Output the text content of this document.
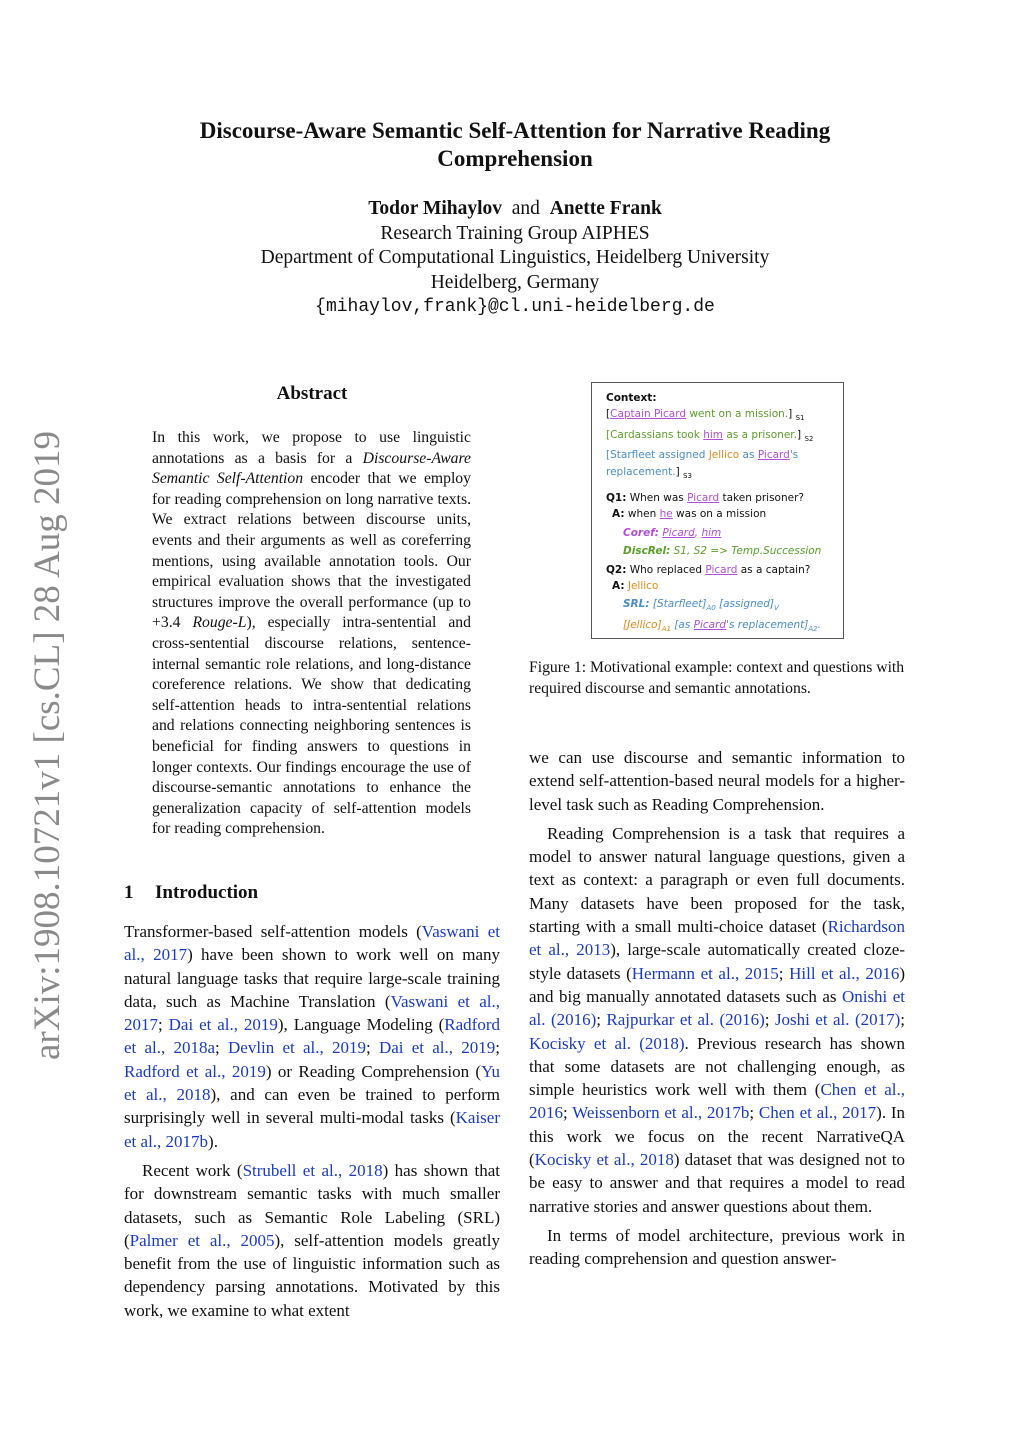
arXiv:1908.10721v1 [cs.CL] 28 Aug 2019
Discourse-Aware Semantic Self-Attention for Narrative Reading Comprehension
Todor Mihaylov and Anette Frank
Research Training Group AIPHES
Department of Computational Linguistics, Heidelberg University
Heidelberg, Germany
{mihaylov,frank}@cl.uni-heidelberg.de
Abstract
In this work, we propose to use linguistic annotations as a basis for a Discourse-Aware Semantic Self-Attention encoder that we employ for reading comprehension on long narrative texts. We extract relations between discourse units, events and their arguments as well as coreferring mentions, using available annotation tools. Our empirical evaluation shows that the investigated structures improve the overall performance (up to +3.4 Rouge-L), especially intra-sentential and cross-sentential discourse relations, sentence-internal semantic role relations, and long-distance coreference relations. We show that dedicating self-attention heads to intra-sentential relations and relations connecting neighboring sentences is beneficial for finding answers to questions in longer contexts. Our findings encourage the use of discourse-semantic annotations to enhance the generalization capacity of self-attention models for reading comprehension.
1 Introduction

Transformer-based self-attention models (Vaswani et al., 2017) have been shown to work well on many natural language tasks that require large-scale training data, such as Machine Translation (Vaswani et al., 2017; Dai et al., 2019), Language Modeling (Radford et al., 2018a; Devlin et al., 2019; Dai et al., 2019; Radford et al., 2019) or Reading Comprehension (Yu et al., 2018), and can even be trained to perform surprisingly well in several multi-modal tasks (Kaiser et al., 2017b).

Recent work (Strubell et al., 2018) has shown that for downstream semantic tasks with much smaller datasets, such as Semantic Role Labeling (SRL) (Palmer et al., 2005), self-attention models greatly benefit from the use of linguistic information such as dependency parsing annotations. Motivated by this work, we examine to what extent

Context:
[Captain Picard went on a mission.] $_{S1}$
[Cardassians took him as a prisoner.] $_{S2}$
[Starfleet assigned Jellico as Picard's
replacement.] $_{S3}$
Q1: When was Picard taken prisoner?
A: when he was on a mission
Coref: Picard, him
DiscRel: S1, S2 => Temp.Succession
Q2: Who replaced Picard as a captain?
A: Jellico
SRL: $[Starfleet]_{A0}$ $[assigned]_V$
$[Jellico]_{A1}$ [as Picard's $replacement]_{A2}$.
Figure 1: Motivational example: context and questions with required discourse and semantic annotations.

we can use discourse and semantic information to extend self-attention-based neural models for a higher-level task such as Reading Comprehension.

Reading Comprehension is a task that requires a model to answer natural language questions, given a text as context: a paragraph or even full documents. Many datasets have been proposed for the task, starting with a small multi-choice dataset (Richardson et al., 2013), large-scale automatically created cloze-style datasets (Hermann et al., 2015; Hill et al., 2016) and big manually annotated datasets such as Onishi et al. (2016); Rajpurkar et al. (2016); Joshi et al. (2017); Kocisky et al. (2018). Previous research has shown that some datasets are not challenging enough, as simple heuristics work well with them (Chen et al., 2016; Weissenborn et al., 2017b; Chen et al., 2017). In this work we focus on the recent NarrativeQA (Kocisky et al., 2018) dataset that was designed not to be easy to answer and that requires a model to read narrative stories and answer questions about them.

In terms of model architecture, previous work in reading comprehension and question answer-
